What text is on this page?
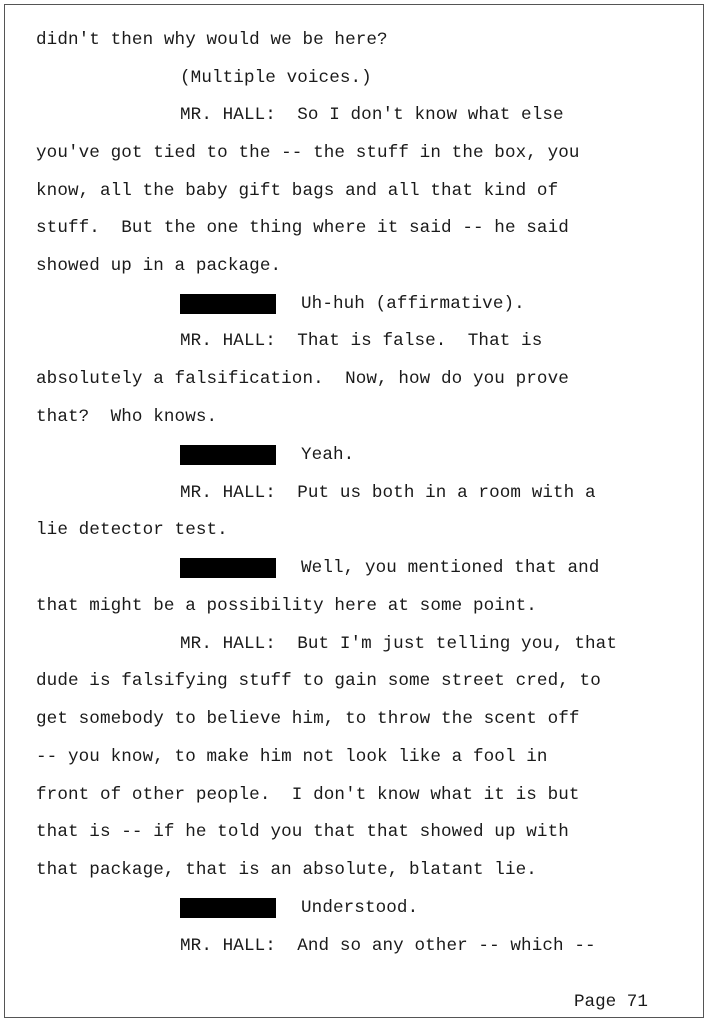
didn't then why would we be here?
(Multiple voices.)
MR. HALL:  So I don't know what else
you've got tied to the -- the stuff in the box, you
know, all the baby gift bags and all that kind of
stuff.  But the one thing where it said -- he said
showed up in a package.
Uh-huh (affirmative).
MR. HALL:  That is false.  That is
absolutely a falsification.  Now, how do you prove
that?  Who knows.
Yeah.
MR. HALL:  Put us both in a room with a
lie detector test.
Well, you mentioned that and
that might be a possibility here at some point.
MR. HALL:  But I'm just telling you, that
dude is falsifying stuff to gain some street cred, to
get somebody to believe him, to throw the scent off
-- you know, to make him not look like a fool in
front of other people.  I don't know what it is but
that is -- if he told you that that showed up with
that package, that is an absolute, blatant lie.
Understood.
MR. HALL:  And so any other -- which --
Page 71
